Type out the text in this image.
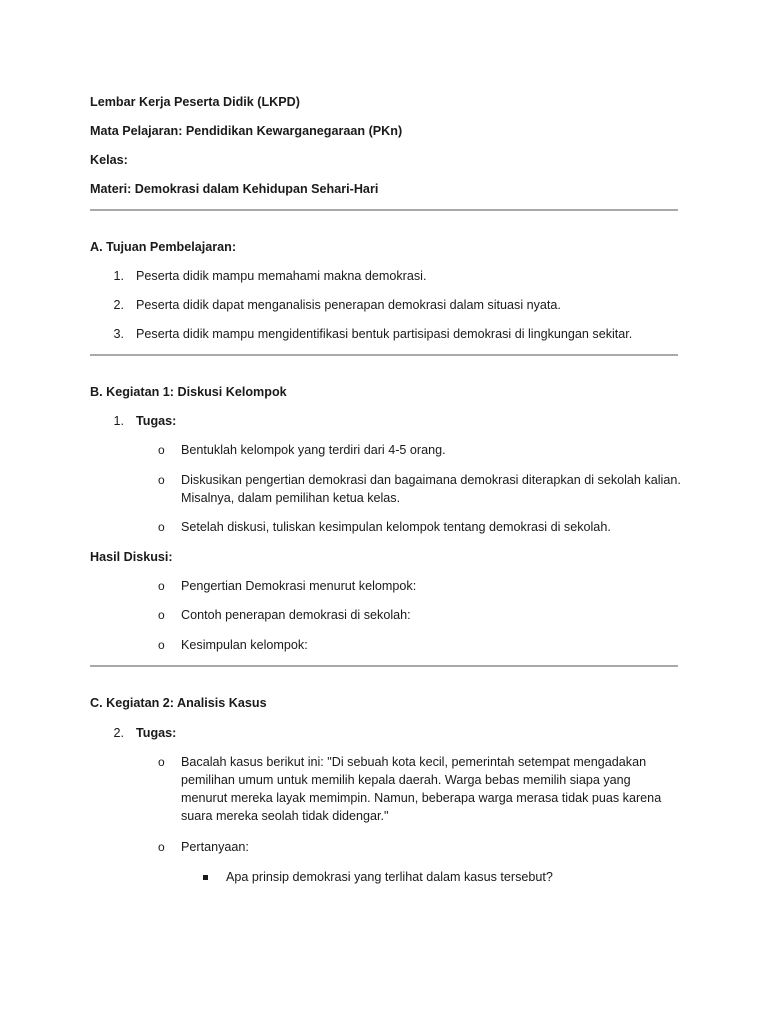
Lembar Kerja Peserta Didik (LKPD)
Mata Pelajaran: Pendidikan Kewarganegaraan (PKn)
Kelas:
Materi: Demokrasi dalam Kehidupan Sehari-Hari
A. Tujuan Pembelajaran:
1. Peserta didik mampu memahami makna demokrasi.
2. Peserta didik dapat menganalisis penerapan demokrasi dalam situasi nyata.
3. Peserta didik mampu mengidentifikasi bentuk partisipasi demokrasi di lingkungan sekitar.
B. Kegiatan 1: Diskusi Kelompok
1. Tugas:
o Bentuklah kelompok yang terdiri dari 4-5 orang.
o Diskusikan pengertian demokrasi dan bagaimana demokrasi diterapkan di sekolah kalian.
Misalnya, dalam pemilihan ketua kelas.
o Setelah diskusi, tuliskan kesimpulan kelompok tentang demokrasi di sekolah.
Hasil Diskusi:
o Pengertian Demokrasi menurut kelompok:
o Contoh penerapan demokrasi di sekolah:
o Kesimpulan kelompok:
C. Kegiatan 2: Analisis Kasus
2. Tugas:
o Bacalah kasus berikut ini: "Di sebuah kota kecil, pemerintah setempat mengadakan
pemilihan umum untuk memilih kepala daerah. Warga bebas memilih siapa yang
menurut mereka layak memimpin. Namun, beberapa warga merasa tidak puas karena
suara mereka seolah tidak didengar."
o Pertanyaan:
Apa prinsip demokrasi yang terlihat dalam kasus tersebut?
